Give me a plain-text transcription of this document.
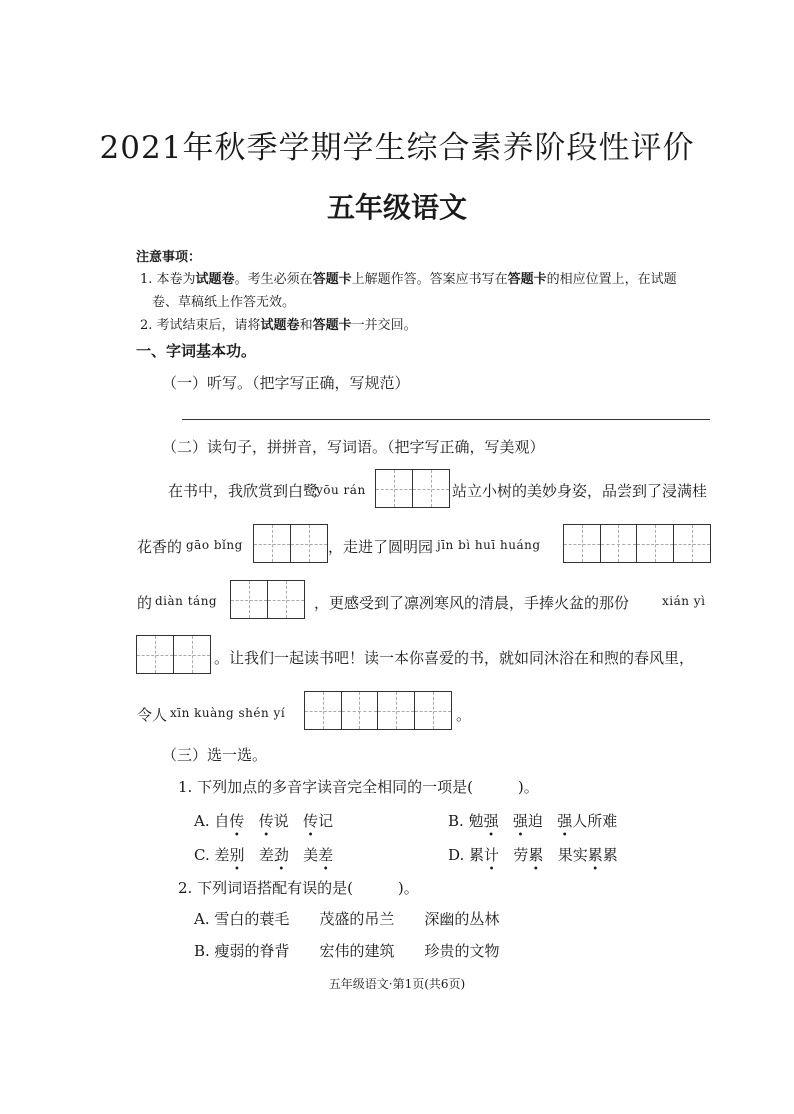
2021年秋季学期学生综合素养阶段性评价
五年级语文
注意事项：
1. 本卷为试题卷。考生必须在答题卡上解题作答。答案应书写在答题卡的相应位置上，在试题
卷、草稿纸上作答无效。
2. 考试结束后，请将试题卷和答题卡一并交回。
一、字词基本功。
（一）听写。（把字写正确，写规范）
（二）读句子，拼拼音，写词语。（把字写正确，写美观）
在书中，我欣赏到白鹭
yōu rán	站立小树的美妙身姿，品尝到了浸满桂
花香的 gāo bǐng	，走进了圆明园 jīn bì huī huáng
的 diàn táng	，更感受到了凛冽寒风的清晨，手捧火盆的那份	xián yì
。让我们一起读书吧！读一本你喜爱的书，就如同沐浴在和煦的春风里，
令人 xīn kuàng shén yí	。
（三）选一选。
1. 下列加点的多音字读音完全相同的一项是(　　　)。
A. 自传 传说 传记	B. 勉强 强迫 强人所难
C. 差别 差劲 美差	D. 累计 劳累 果实累累
2. 下列词语搭配有误的是(　　　)。
A. 雪白的蓑毛　　茂盛的吊兰　　深幽的丛林
B. 瘦弱的脊背　　宏伟的建筑　　珍贵的文物
五年级语文·第1页(共6页)
